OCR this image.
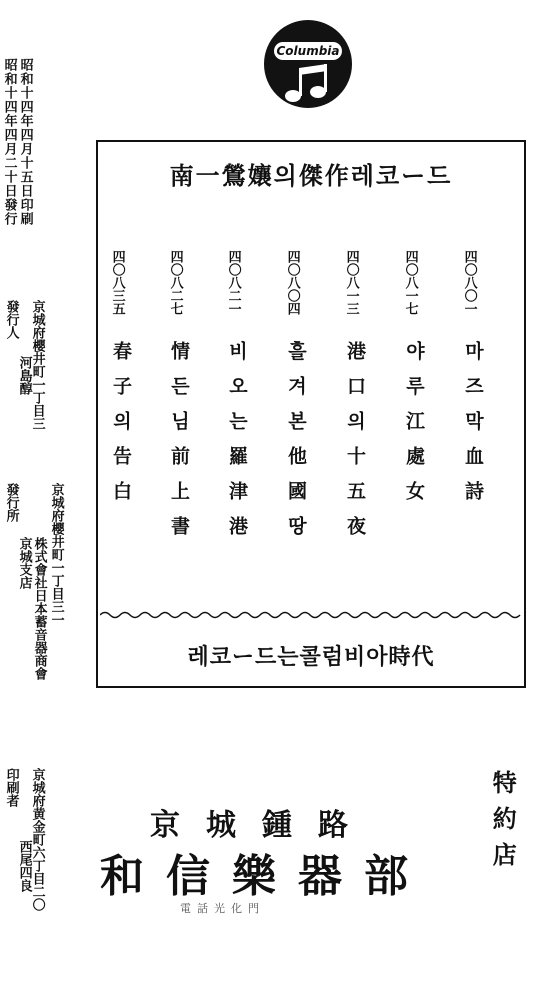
Columbia
昭和十四年四月十五日印刷
昭和十四年四月二十日發行
京城府櫻井町一丁目三
發行人
河島醇
京城府櫻井町一丁目三一
發行所
株式會社日本蓄音器商會
京城支店
京城府黄金町六丁目二〇
印刷者
西尾四良
南一鶯孃의傑作레코ー드
四〇八〇一
마즈막血詩
四〇八一七
야루江處女
四〇八一三
港口의十五夜
四〇八〇四
흘겨본他國땅
四〇八二一
비오는羅津港
四〇八二七
情든님前上書
四〇八三五
春子의告白
레코ー드는콜럼비아時代
特約店
京城鍾路
和信樂器部
電話光化門
